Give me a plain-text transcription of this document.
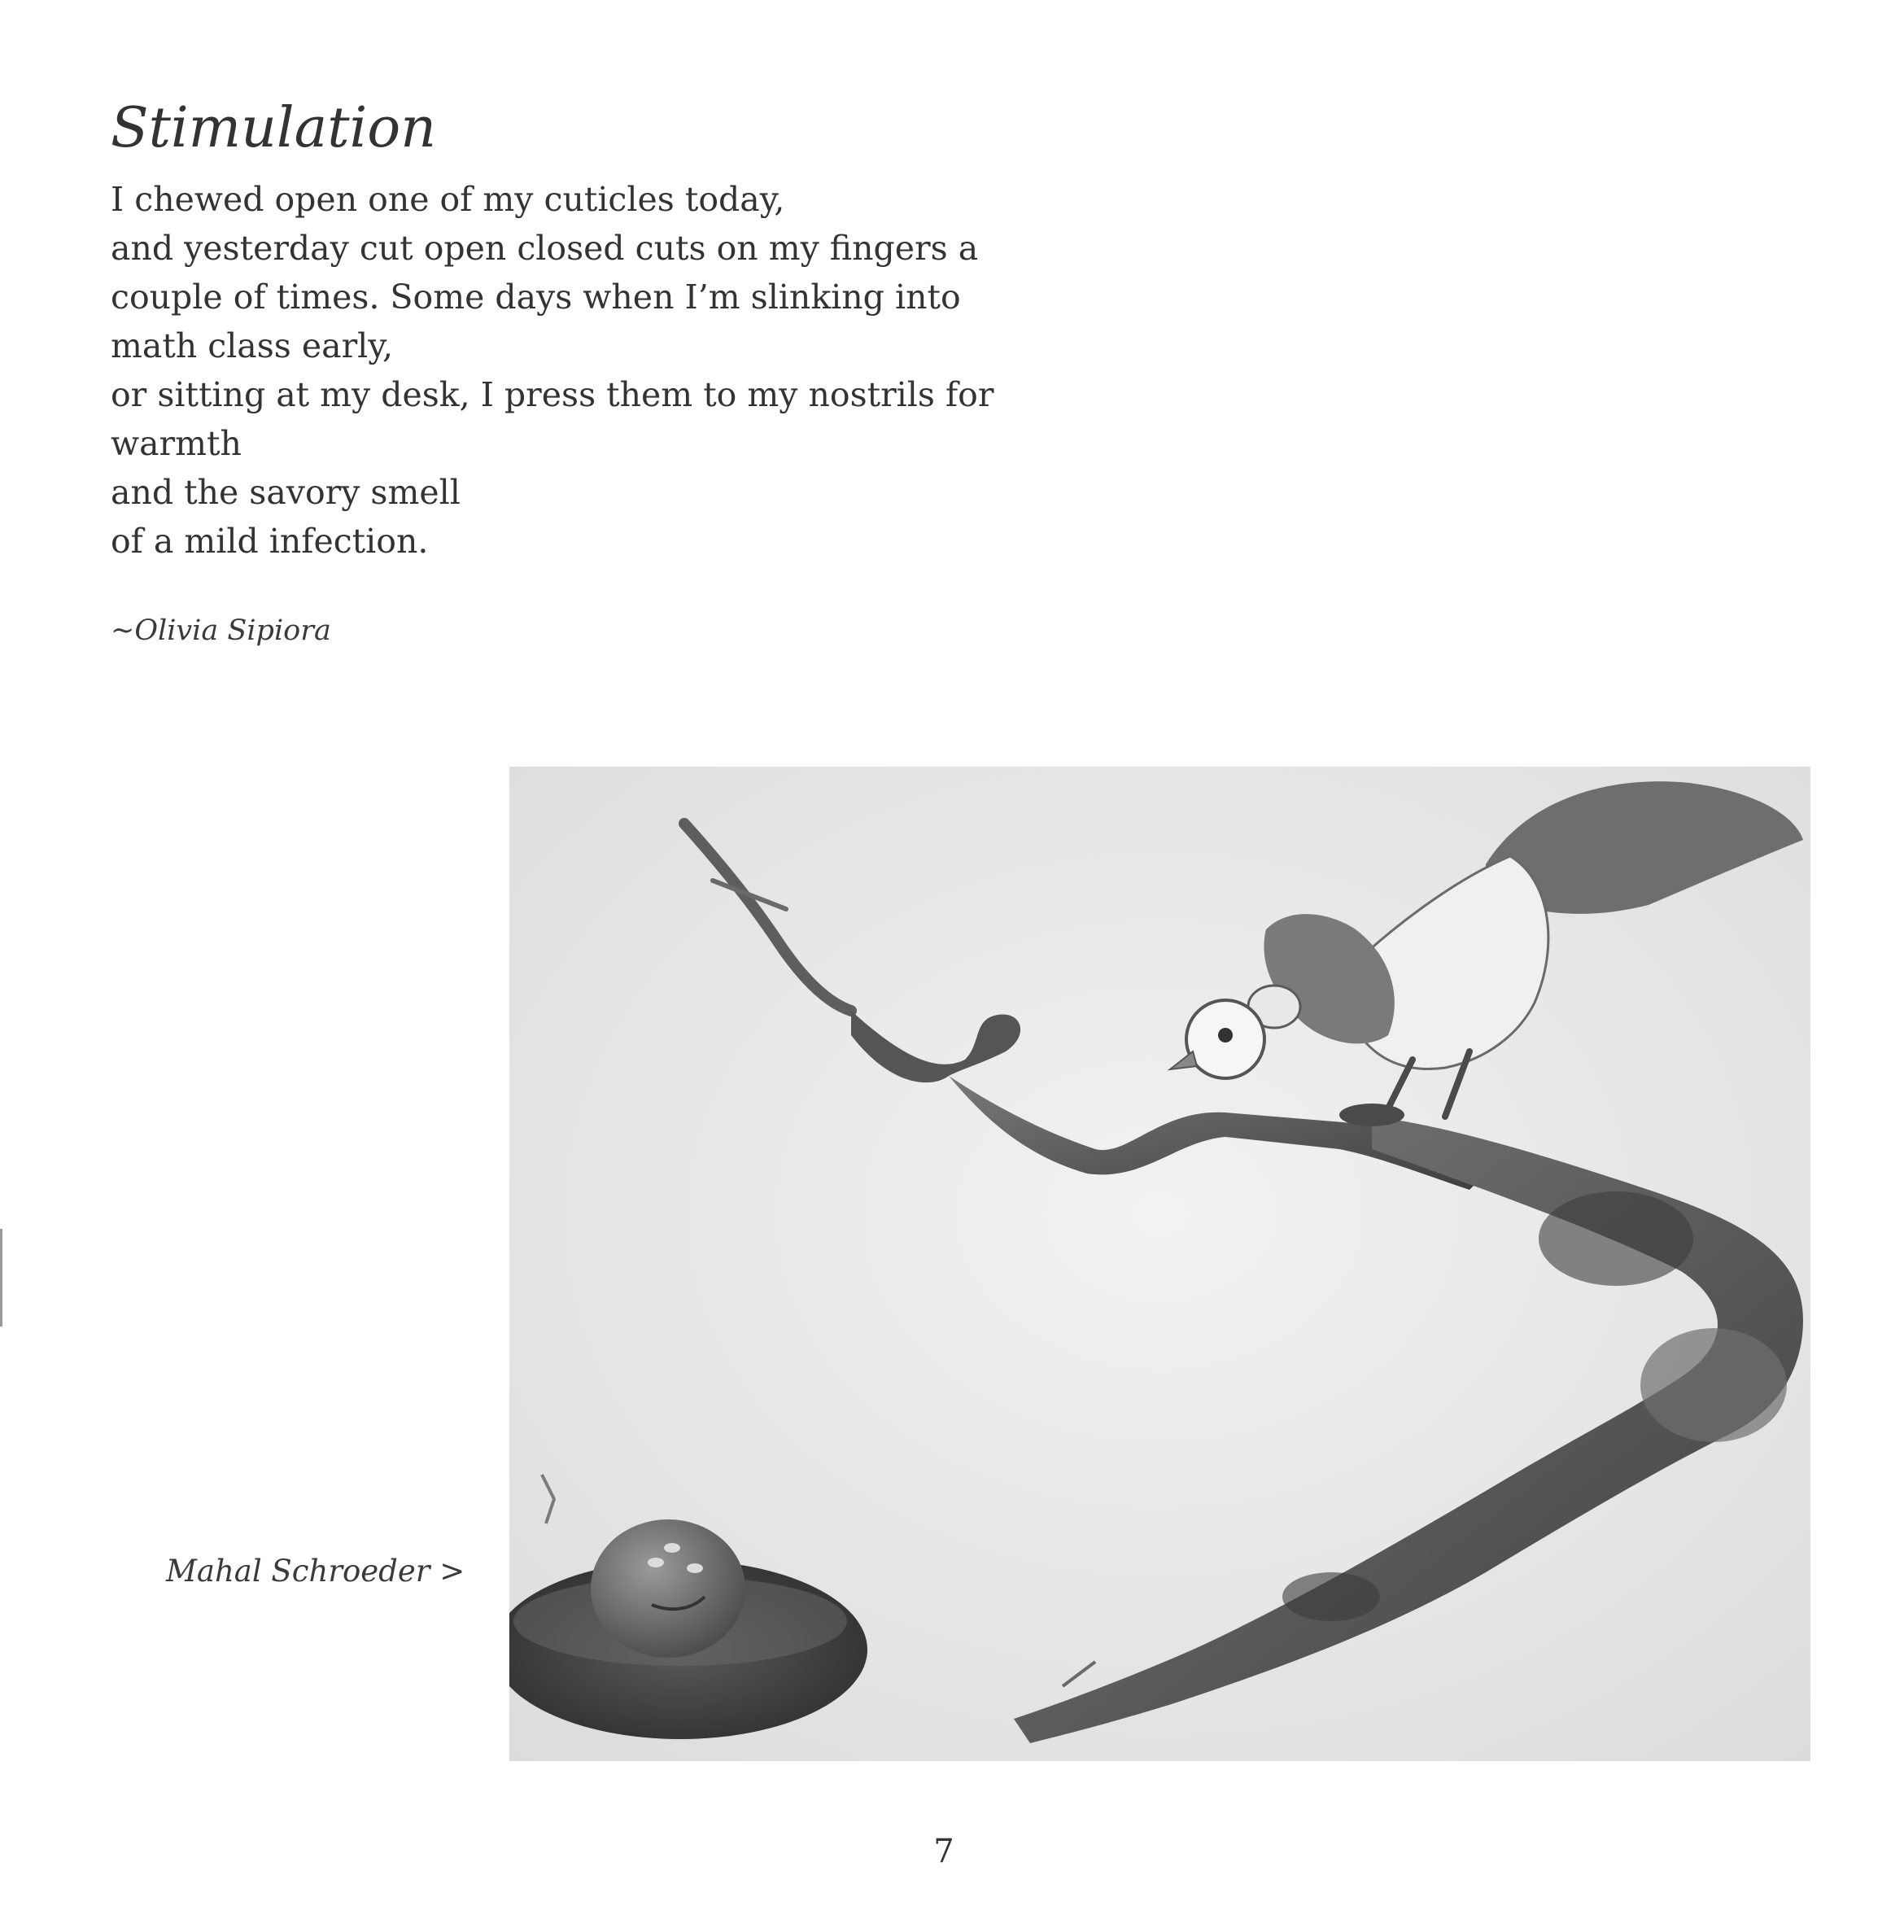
Stimulation
I chewed open one of my cuticles today,
and yesterday cut open closed cuts on my fingers a
couple of times. Some days when I’m slinking into
math class early,
or sitting at my desk, I press them to my nostrils for
warmth
and the savory smell
of a mild infection.
~Olivia Sipiora
Mahal Schroeder >
7
